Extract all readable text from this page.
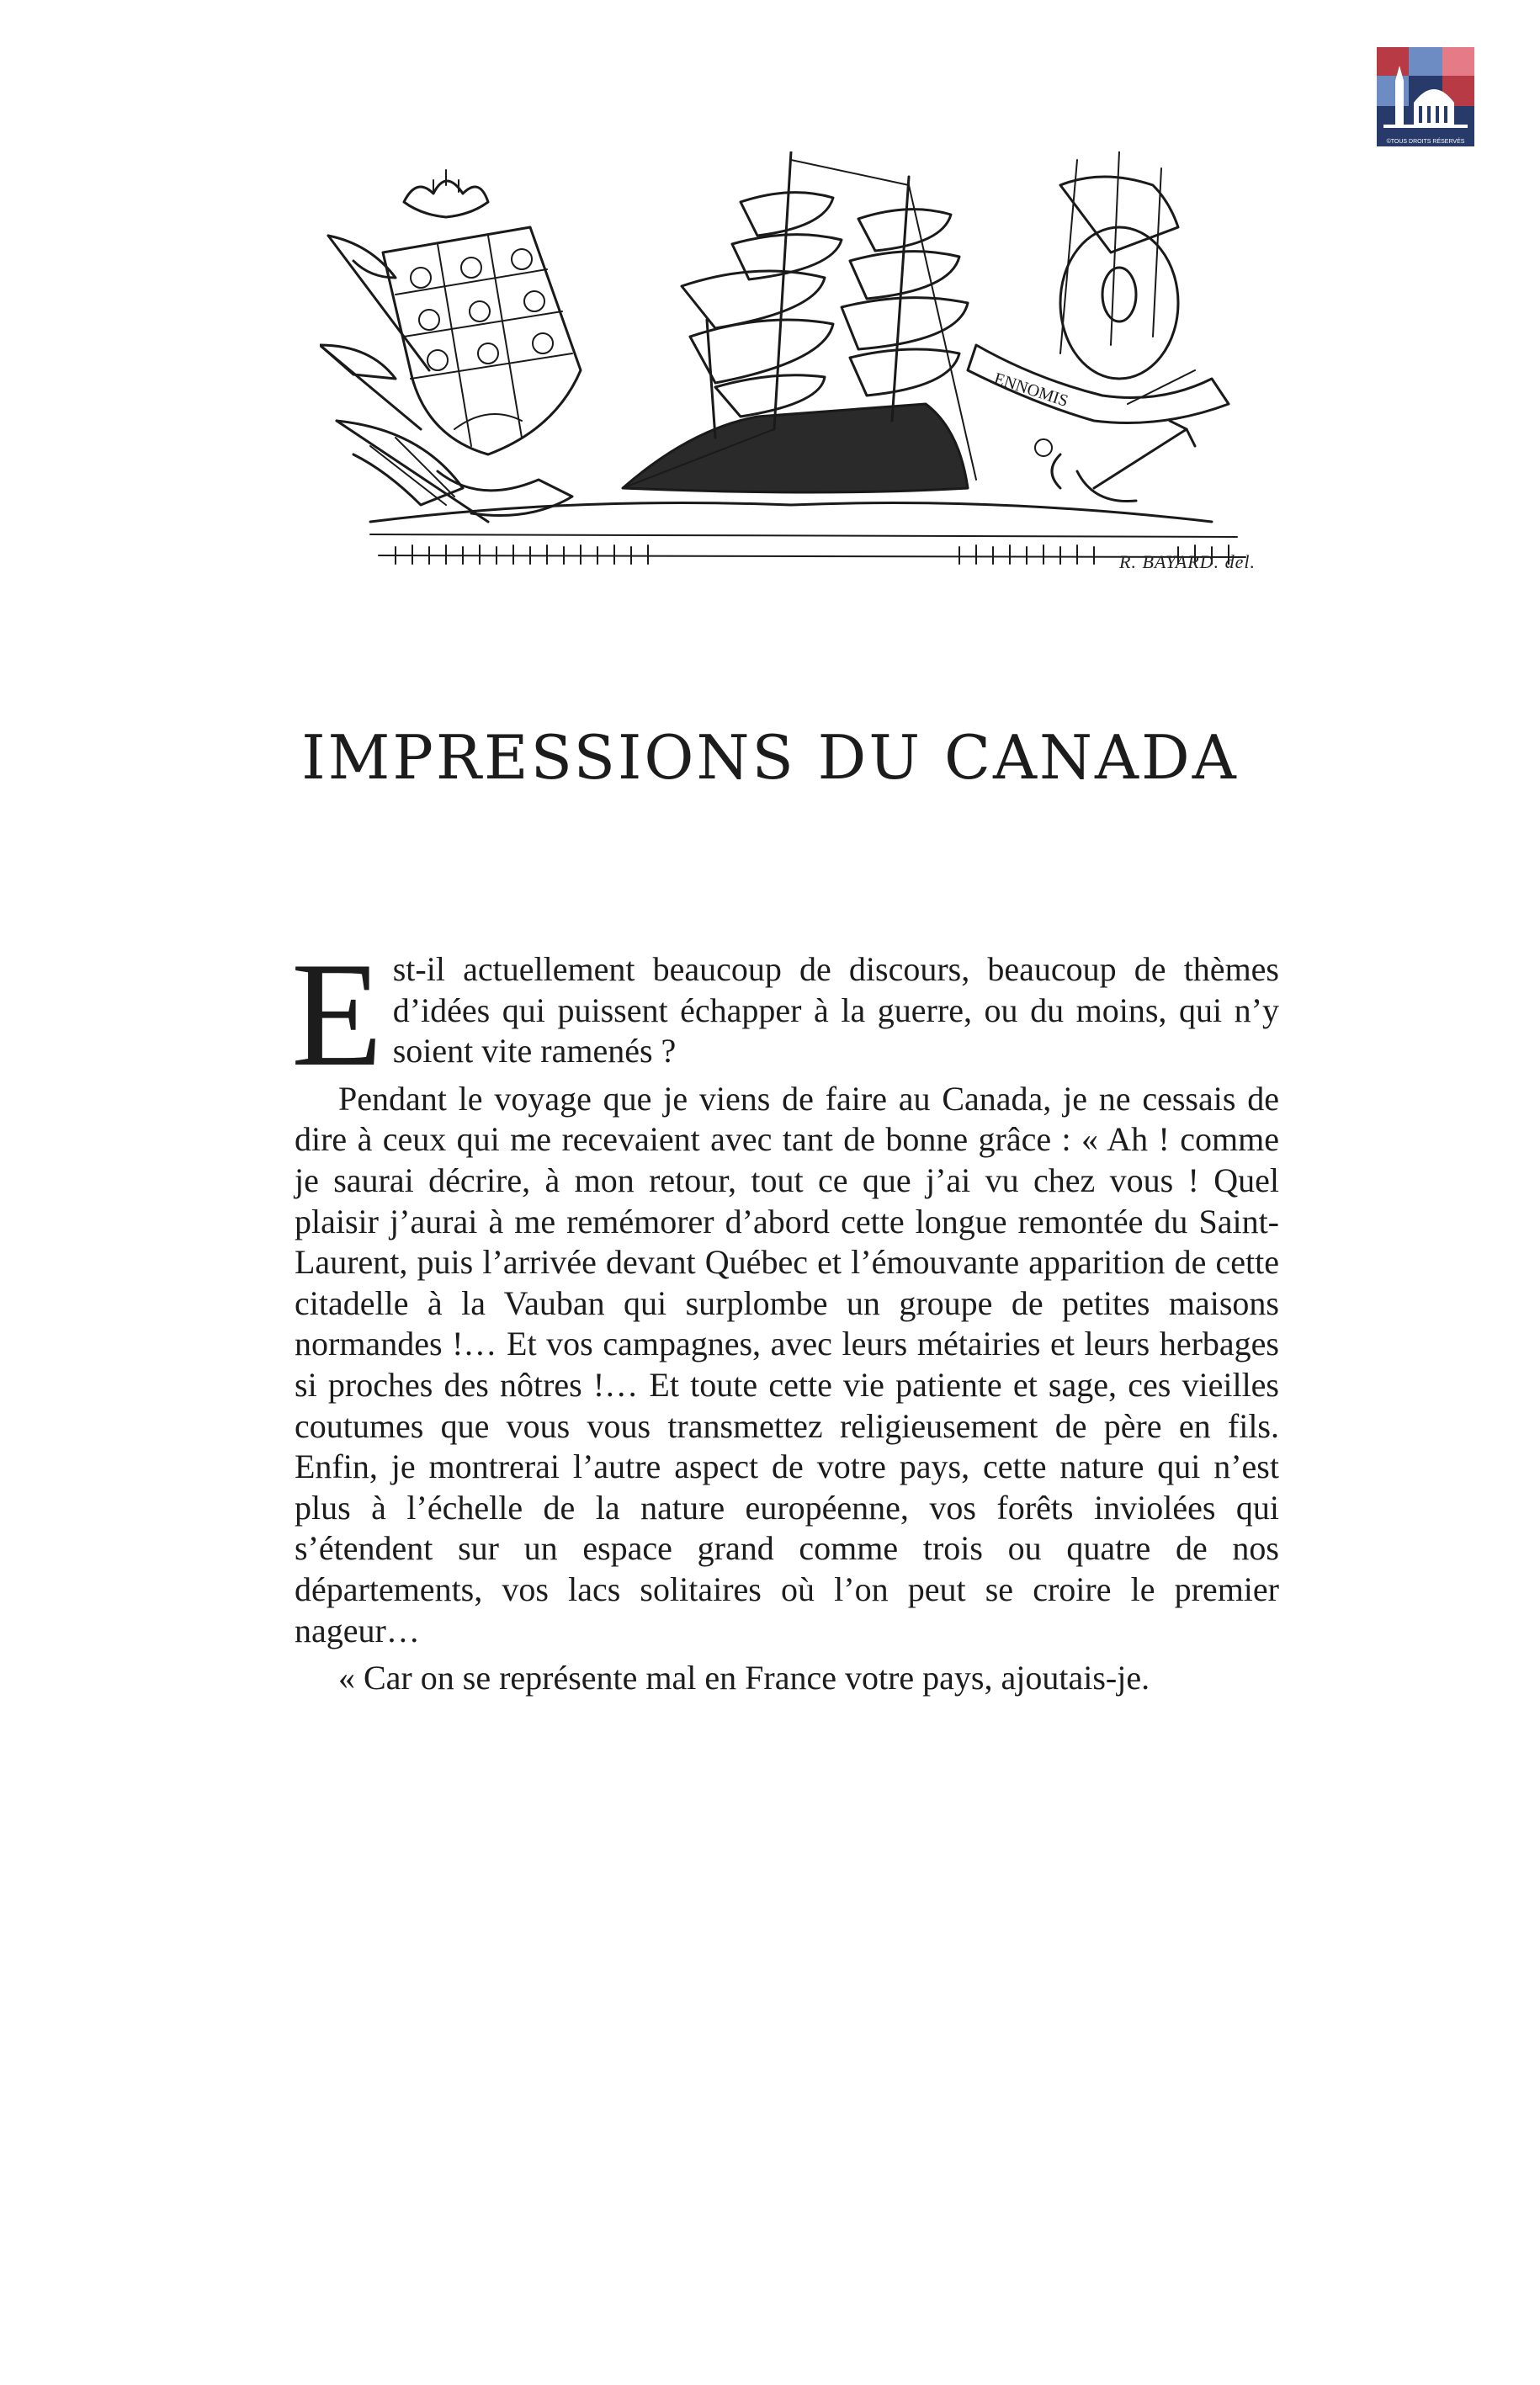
©TOUS DROITS RÉSERVÉS
ENNOMIS
R. BAYARD. del.
IMPRESSIONS DU CANADA

Est-il actuellement beaucoup de discours, beaucoup de thèmes d’idées qui puissent échapper à la guerre, ou du moins, qui n’y soient vite ramenés ?

Pendant le voyage que je viens de faire au Canada, je ne cessais de dire à ceux qui me recevaient avec tant de bonne grâce : « Ah ! comme je saurai décrire, à mon retour, tout ce que j’ai vu chez vous ! Quel plaisir j’aurai à me remémorer d’abord cette longue remontée du Saint-Laurent, puis l’arrivée devant Québec et l’émouvante apparition de cette citadelle à la Vauban qui surplombe un groupe de petites maisons normandes !… Et vos campagnes, avec leurs métairies et leurs herbages si proches des nôtres !… Et toute cette vie patiente et sage, ces vieilles coutumes que vous vous transmettez religieusement de père en fils. Enfin, je montrerai l’autre aspect de votre pays, cette nature qui n’est plus à l’échelle de la nature européenne, vos forêts inviolées qui s’étendent sur un espace grand comme trois ou quatre de nos départements, vos lacs solitaires où l’on peut se croire le premier nageur…

« Car on se représente mal en France votre pays, ajoutais-je.
